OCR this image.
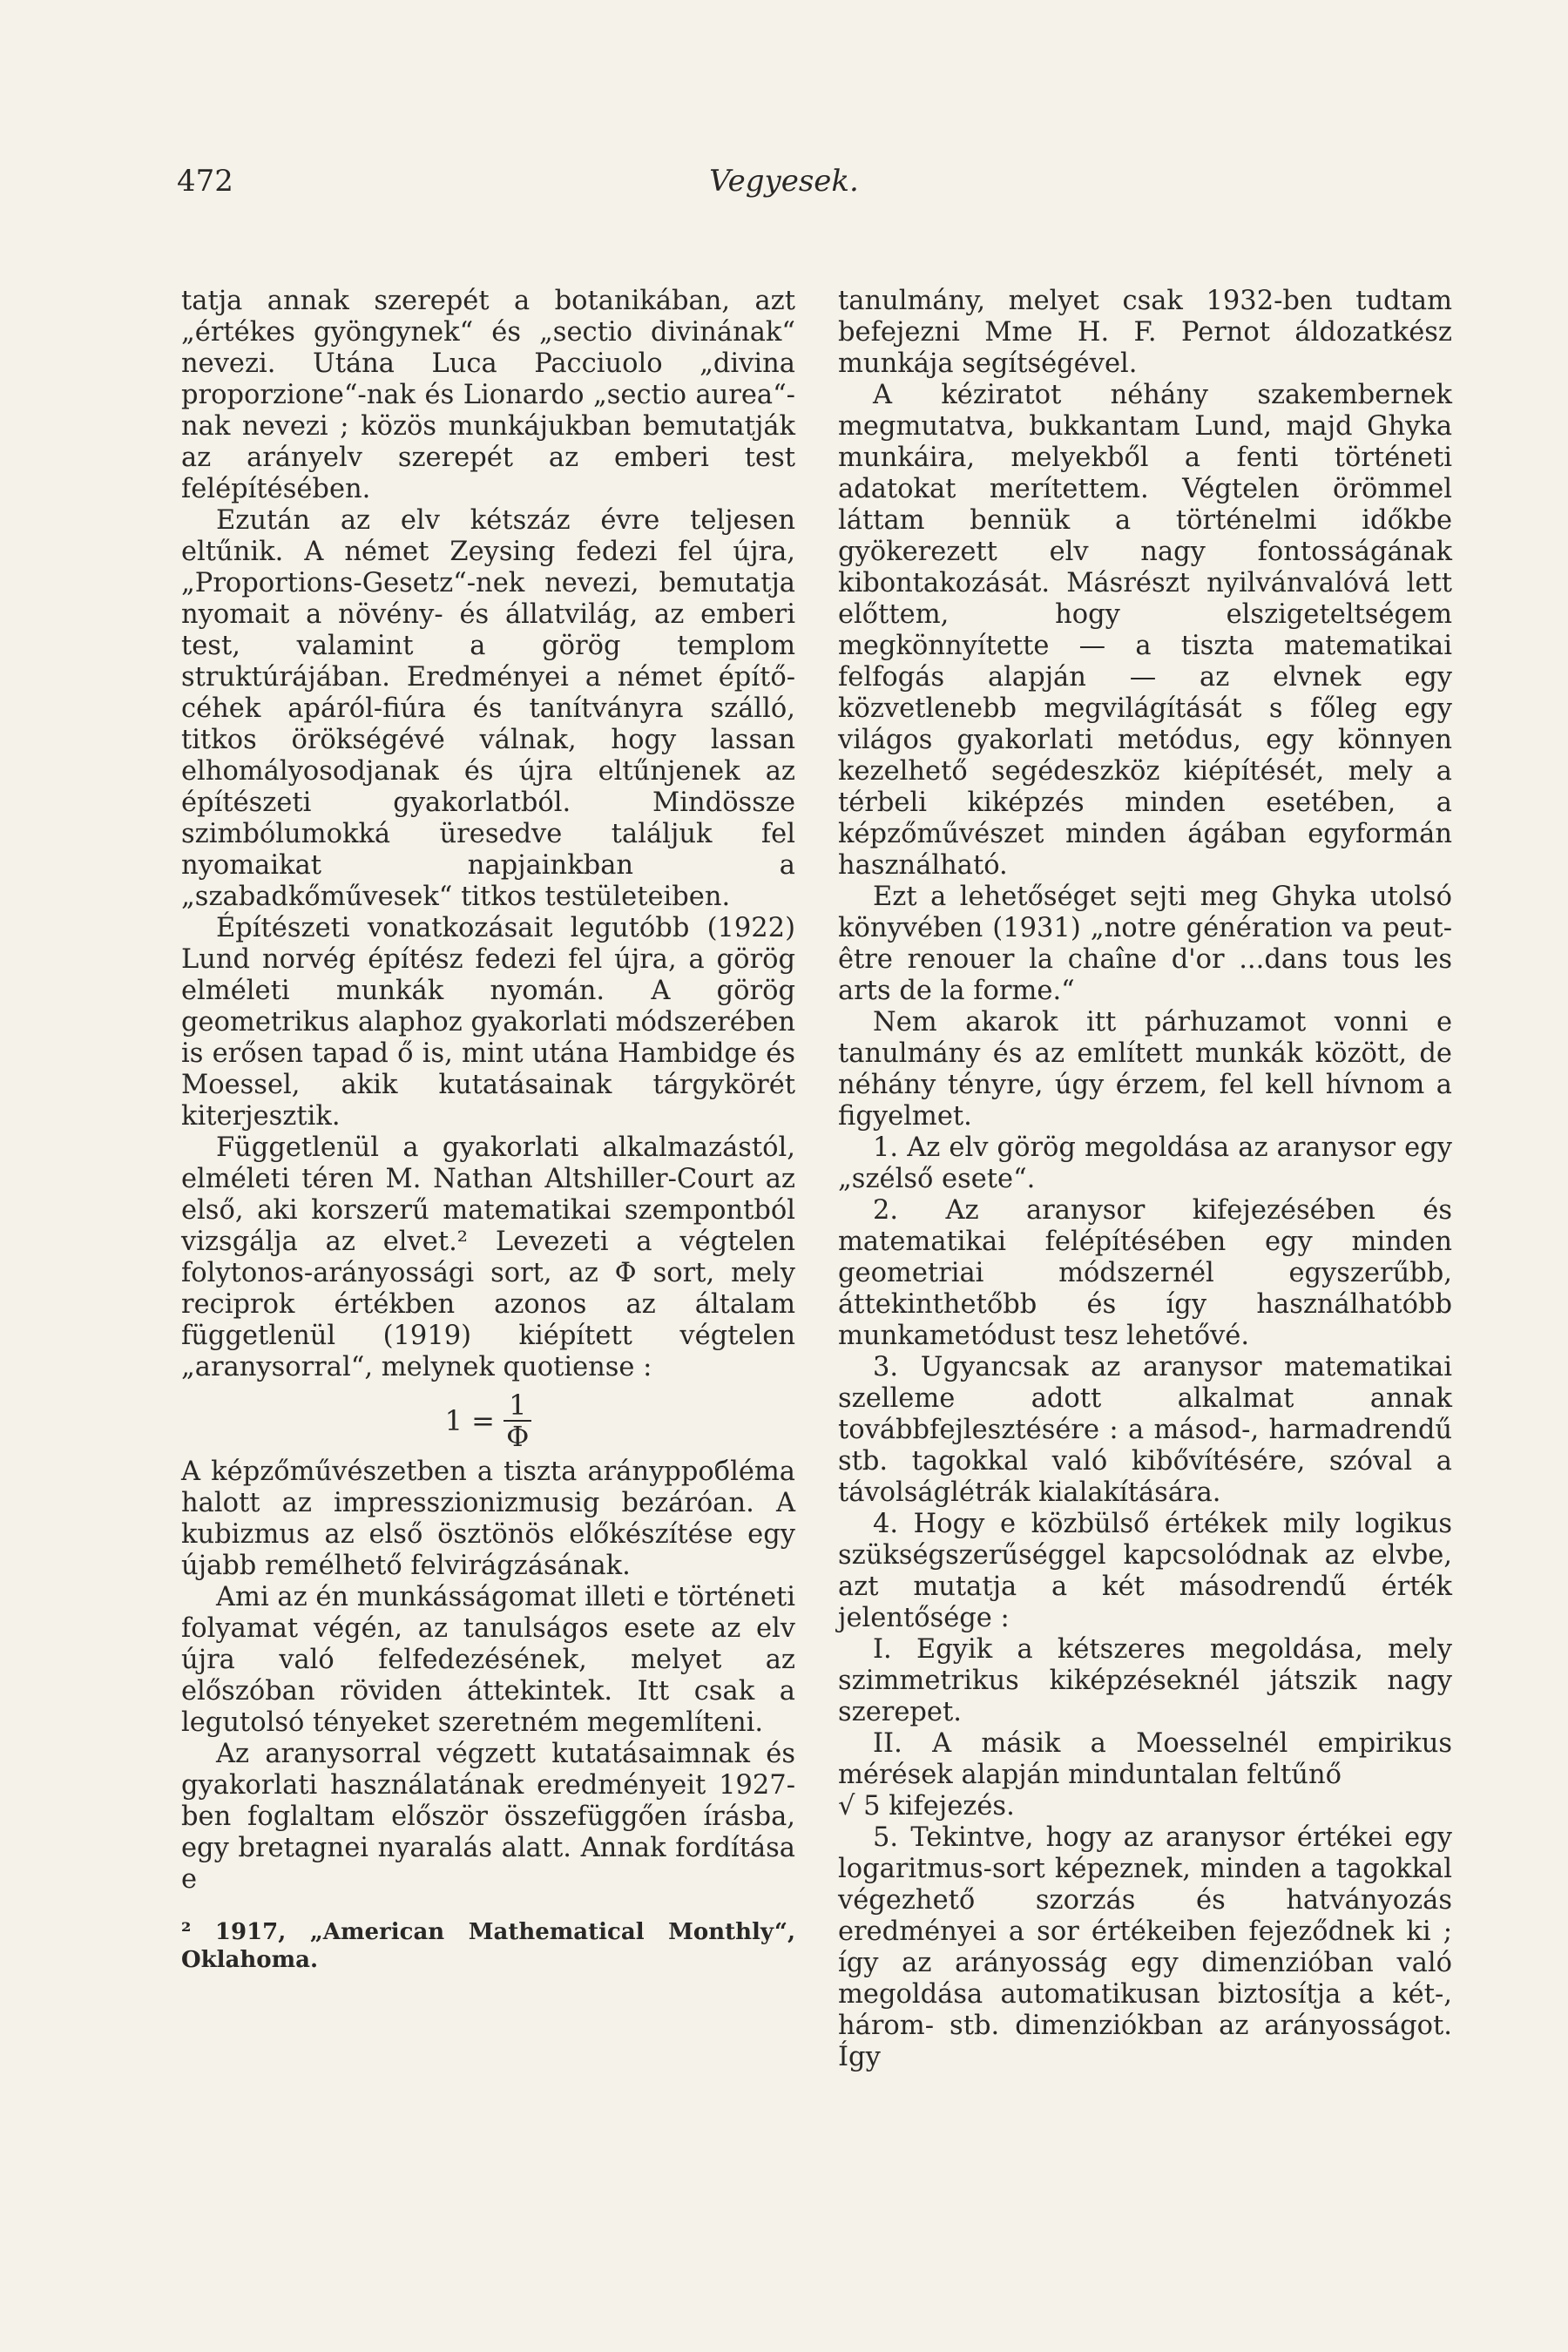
472	Vegyesek.

tatja annak szerepét a botanikában, azt „értékes gyöngynek“ és „sectio divinának“ nevezi. Utána Luca Pacciuolo „divina proporzione“-nak és Lionardo „sectio aurea“-nak nevezi ; közös munkájukban bemutatják az arányelv szerepét az emberi test felépítésében.

Ezután az elv kétszáz évre teljesen eltűnik. A német Zeysing fedezi fel újra, „Proportions-Gesetz“-nek nevezi, bemutatja nyomait a növény- és állatvilág, az emberi test, valamint a görög templom struktúrájában. Eredményei a német építő-céhek apáról-fiúra és tanítványra szálló, titkos örökségévé válnak, hogy lassan elhomályosodjanak és újra eltűnjenek az építészeti gyakorlatból. Mindössze szimbólumokká üresedve találjuk fel nyomaikat napjainkban a „szabadkőművesek“ titkos testületeiben.

Építészeti vonatkozásait legutóbb (1922) Lund norvég építész fedezi fel újra, a görög elméleti munkák nyomán. A görög geometrikus alaphoz gyakorlati módszerében is erősen tapad ő is, mint utána Hambidge és Moessel, akik kutatásainak tárgykörét kiterjesztik.

Függetlenül a gyakorlati alkalmazástól, elméleti téren M. Nathan Altshiller-Court az első, aki korszerű matematikai szempontból vizsgálja az elvet.² Levezeti a végtelen folytonos-arányossági sort, az Φ sort, mely reciprok értékben azonos az általam függetlenül (1919) kiépített végtelen „aranysorral“, melynek quotiense :

$1 = \frac{1}{\Phi}$

A képzőművészetben a tiszta aránypробléma halott az impresszionizmusig bezáróan. A kubizmus az első ösztönös előkészítése egy újabb remélhető felvirágzásának.

Ami az én munkásságomat illeti e történeti folyamat végén, az tanulságos esete az elv újra való felfedezésének, melyet az előszóban röviden áttekintek. Itt csak a legutolsó tényeket szeretném megemlíteni.

Az aranysorral végzett kutatásaimnak és gyakorlati használatának eredményeit 1927-ben foglaltam először összefüggően írásba, egy bretagnei nyaralás alatt. Annak fordítása e

² 1917, „American Mathematical Monthly“, Oklahoma.

tanulmány, melyet csak 1932-ben tudtam befejezni Mme H. F. Pernot áldozatkész munkája segítségével.

A kéziratot néhány szakembernek megmutatva, bukkantam Lund, majd Ghyka munkáira, melyekből a fenti történeti adatokat merítettem. Végtelen örömmel láttam bennük a történelmi időkbe gyökerezett elv nagy fontosságának kibontakozását. Másrészt nyilvánvalóvá lett előttem, hogy elszigeteltségem megkönnyítette — a tiszta matematikai felfogás alapján — az elvnek egy közvetlenebb megvilágítását s főleg egy világos gyakorlati metódus, egy könnyen kezelhető segédeszköz kiépítését, mely a térbeli kiképzés minden esetében, a képzőművészet minden ágában egyformán használható.

Ezt a lehetőséget sejti meg Ghyka utolsó könyvében (1931) „notre génération va peut-être renouer la chaîne d'or ...dans tous les arts de la forme.“

Nem akarok itt párhuzamot vonni e tanulmány és az említett munkák között, de néhány tényre, úgy érzem, fel kell hívnom a figyelmet.

1. Az elv görög megoldása az aranysor egy „szélső esete“.

2. Az aranysor kifejezésében és matematikai felépítésében egy minden geometriai módszernél egyszerűbb, áttekinthetőbb és így használhatóbb munkametódust tesz lehetővé.

3. Ugyancsak az aranysor matematikai szelleme adott alkalmat annak továbbfejlesztésére : a másod-, harmadrendű stb. tagokkal való kibővítésére, szóval a távolságlétrák kialakítására.

4. Hogy e közbülső értékek mily logikus szükségszerűséggel kapcsolódnak az elvbe, azt mutatja a két másodrendű érték jelentősége :

I. Egyik a kétszeres megoldása, mely szimmetrikus kiképzéseknél játszik nagy szerepet.

II. A másik a Moesselnél empirikus mérések alapján minduntalan feltűnő

√ 5 kifejezés.

5. Tekintve, hogy az aranysor értékei egy logaritmus-sort képeznek, minden a tagokkal végezhető szorzás és hatványozás eredményei a sor értékeiben fejeződnek ki ; így az arányosság egy dimenzióban való megoldása automatikusan biztosítja a két-, három- stb. dimenziókban az arányosságot. Így
